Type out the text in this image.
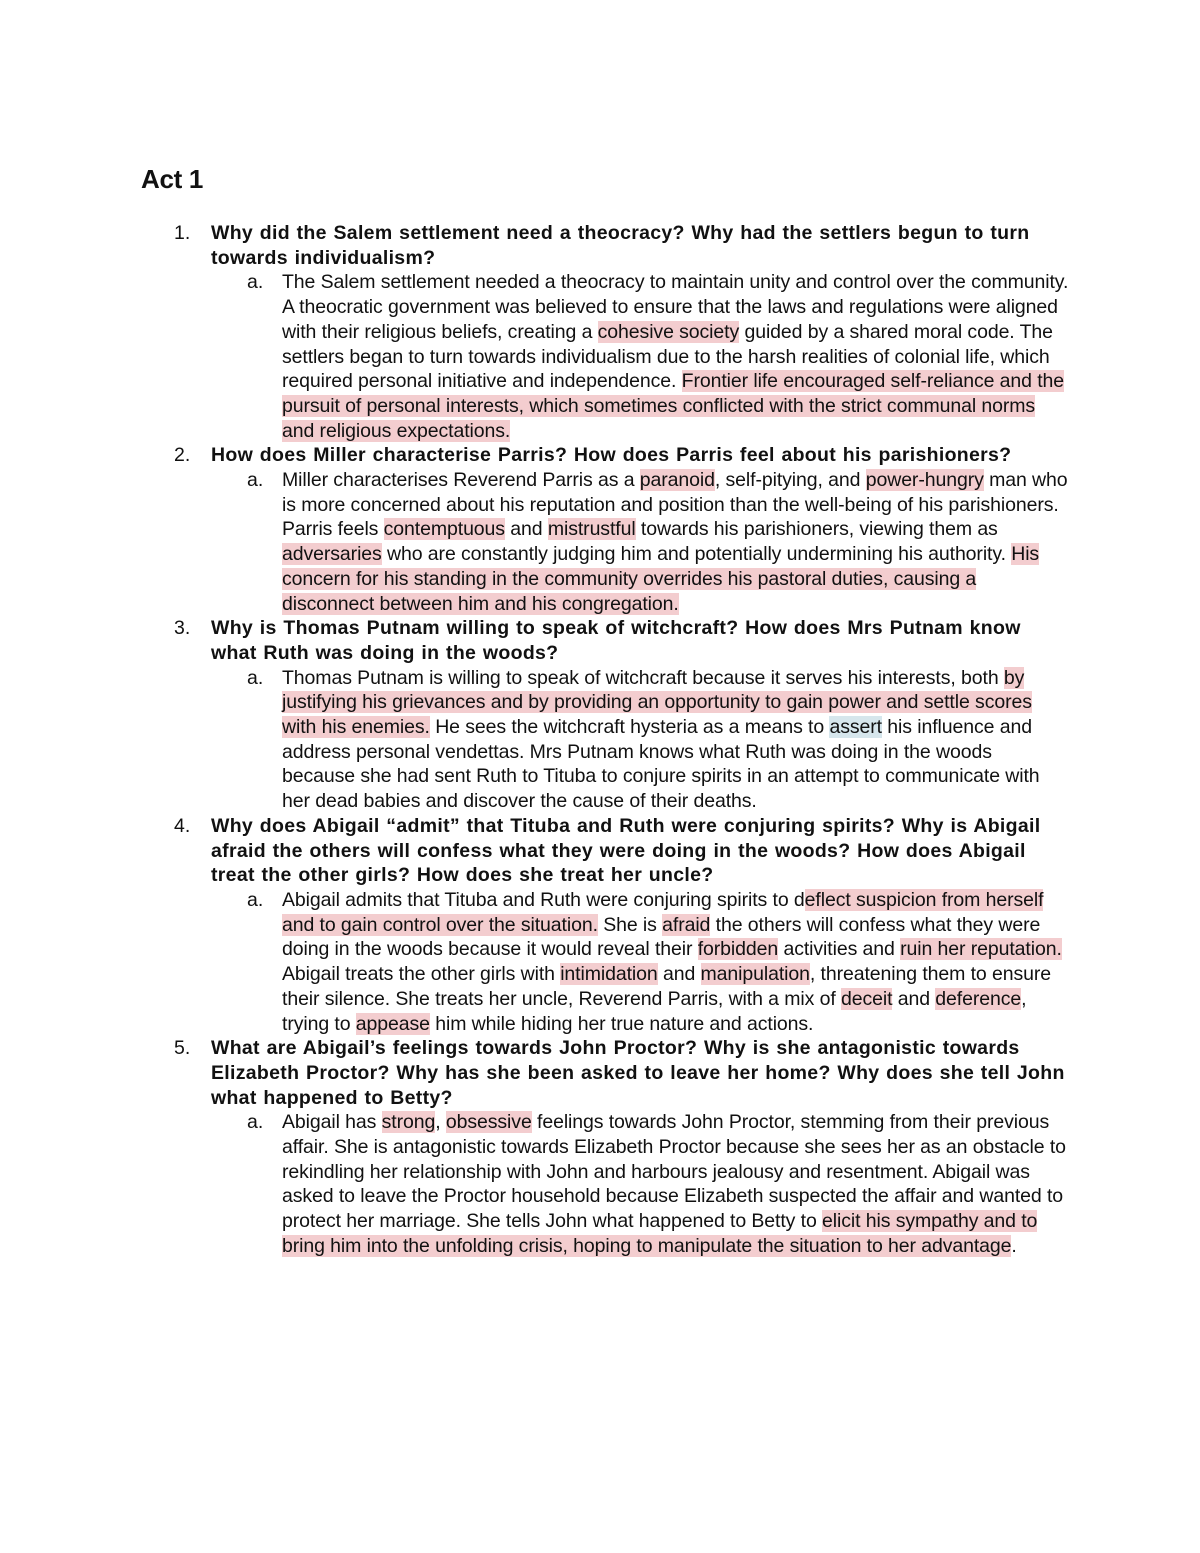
Act 1
1.	Why did the Salem settlement need a theocracy? Why had the settlers begun to turn towards individualism?

a. The Salem settlement needed a theocracy to maintain unity and control over the community. A theocratic government was believed to ensure that the laws and regulations were aligned with their religious beliefs, creating a cohesive society guided by a shared moral code. The settlers began to turn towards individualism due to the harsh realities of colonial life, which required personal initiative and independence. Frontier life encouraged self-reliance and the pursuit of personal interests, which sometimes conflicted with the strict communal norms and religious expectations.

2.	How does Miller characterise Parris? How does Parris feel about his parishioners?

a. Miller characterises Reverend Parris as a paranoid, self-pitying, and power-hungry man who is more concerned about his reputation and position than the well-being of his parishioners. Parris feels contemptuous and mistrustful towards his parishioners, viewing them as adversaries who are constantly judging him and potentially undermining his authority. His concern for his standing in the community overrides his pastoral duties, causing a disconnect between him and his congregation.

3.	Why is Thomas Putnam willing to speak of witchcraft? How does Mrs Putnam know what Ruth was doing in the woods?

a. Thomas Putnam is willing to speak of witchcraft because it serves his interests, both by justifying his grievances and by providing an opportunity to gain power and settle scores with his enemies. He sees the witchcraft hysteria as a means to assert his influence and address personal vendettas. Mrs Putnam knows what Ruth was doing in the woods because she had sent Ruth to Tituba to conjure spirits in an attempt to communicate with her dead babies and discover the cause of their deaths.

4.	Why does Abigail “admit” that Tituba and Ruth were conjuring spirits? Why is Abigail afraid the others will confess what they were doing in the woods? How does Abigail treat the other girls? How does she treat her uncle?

a. Abigail admits that Tituba and Ruth were conjuring spirits to deflect suspicion from herself and to gain control over the situation. She is afraid the others will confess what they were doing in the woods because it would reveal their forbidden activities and ruin her reputation. Abigail treats the other girls with intimidation and manipulation, threatening them to ensure their silence. She treats her uncle, Reverend Parris, with a mix of deceit and deference, trying to appease him while hiding her true nature and actions.

5.	What are Abigail’s feelings towards John Proctor? Why is she antagonistic towards Elizabeth Proctor? Why has she been asked to leave her home? Why does she tell John what happened to Betty?

a. Abigail has strong, obsessive feelings towards John Proctor, stemming from their previous affair. She is antagonistic towards Elizabeth Proctor because she sees her as an obstacle to rekindling her relationship with John and harbours jealousy and resentment. Abigail was asked to leave the Proctor household because Elizabeth suspected the affair and wanted to protect her marriage. She tells John what happened to Betty to elicit his sympathy and to bring him into the unfolding crisis, hoping to manipulate the situation to her advantage.
